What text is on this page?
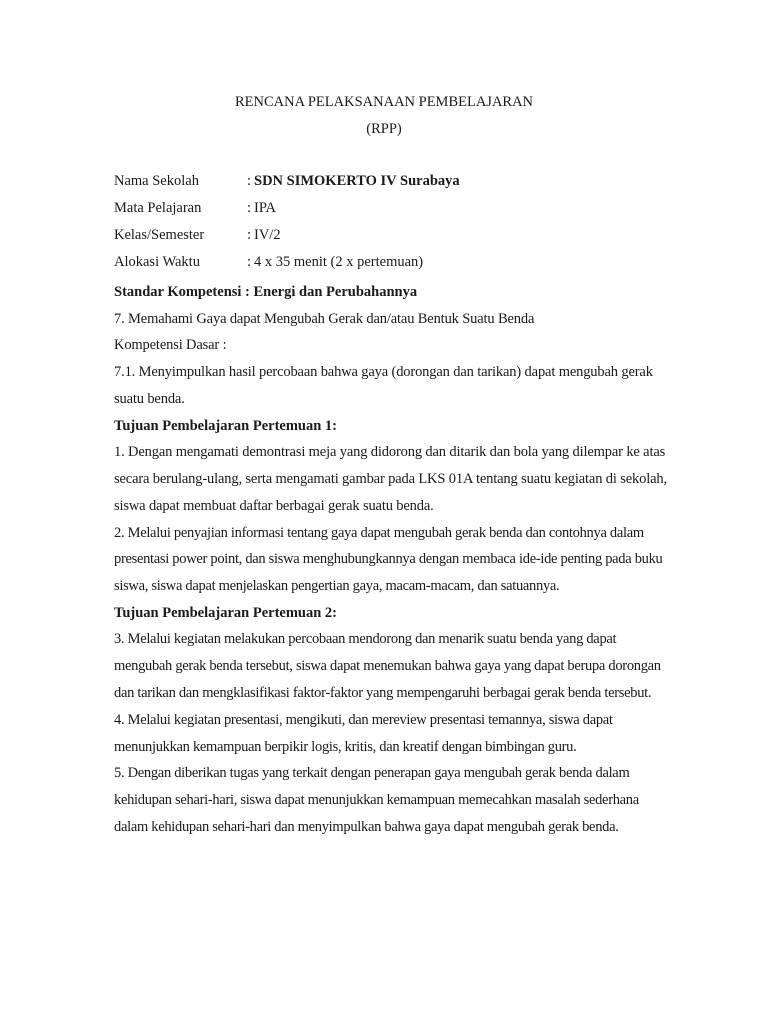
RENCANA PELAKSANAAN PEMBELAJARAN
(RPP)
Nama Sekolah	: SDN SIMOKERTO IV Surabaya
Mata Pelajaran	: IPA
Kelas/Semester	: IV/2
Alokasi Waktu	: 4 x 35 menit (2 x pertemuan)
Standar Kompetensi : Energi dan Perubahannya

7. Memahami Gaya dapat Mengubah Gerak dan/atau Bentuk Suatu Benda

Kompetensi Dasar :

7.1. Menyimpulkan hasil percobaan bahwa gaya (dorongan dan tarikan) dapat mengubah gerak suatu benda.

Tujuan Pembelajaran Pertemuan 1:

1. Dengan mengamati demontrasi meja yang didorong dan ditarik dan bola yang dilempar ke atas secara berulang-ulang, serta mengamati gambar pada LKS 01A tentang suatu kegiatan di sekolah, siswa dapat membuat daftar berbagai gerak suatu benda.

2. Melalui penyajian informasi tentang gaya dapat mengubah gerak benda dan contohnya dalam presentasi power point, dan siswa menghubungkannya dengan membaca ide-ide penting pada buku siswa, siswa dapat menjelaskan pengertian gaya, macam-macam, dan satuannya.

Tujuan Pembelajaran Pertemuan 2:

3. Melalui kegiatan melakukan percobaan mendorong dan menarik suatu benda yang dapat mengubah gerak benda tersebut, siswa dapat menemukan bahwa gaya yang dapat berupa dorongan dan tarikan dan mengklasifikasi faktor-faktor yang mempengaruhi berbagai gerak benda tersebut.

4. Melalui kegiatan presentasi, mengikuti, dan mereview presentasi temannya, siswa dapat menunjukkan kemampuan berpikir logis, kritis, dan kreatif dengan bimbingan guru.

5. Dengan diberikan tugas yang terkait dengan penerapan gaya mengubah gerak benda dalam kehidupan sehari-hari, siswa dapat menunjukkan kemampuan memecahkan masalah sederhana dalam kehidupan sehari-hari dan menyimpulkan bahwa gaya dapat mengubah gerak benda.
